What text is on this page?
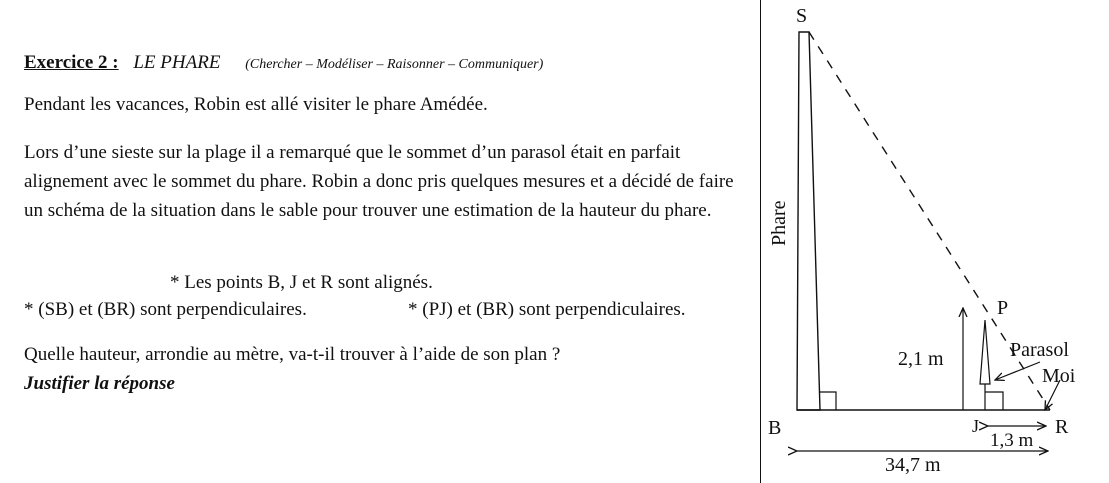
Exercice 2 : LE PHARE (Chercher – Modéliser – Raisonner – Communiquer)
Pendant les vacances, Robin est allé visiter le phare Amédée.
Lors d’une sieste sur la plage il a remarqué que le sommet d’un parasol était en parfait alignement avec le sommet du phare. Robin a donc pris quelques mesures et a décidé de faire un schéma de la situation dans le sable pour trouver une estimation de la hauteur du phare.
* Les points B, J et R sont alignés.
* (SB) et (BR) sont perpendiculaires.	* (PJ) et (BR) sont perpendiculaires.
Quelle hauteur, arrondie au mètre, va-t-il trouver à l’aide de son plan ?
Justifier la réponse
S
P
B	J	R
Phare
Parasol
Moi
2,1 m
1,3 m
34,7 m
